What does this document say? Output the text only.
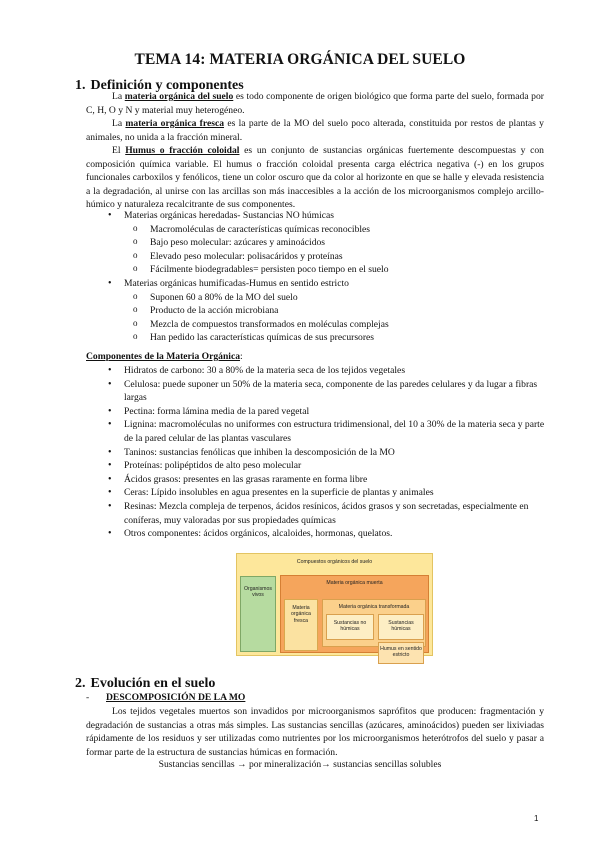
TEMA 14: MATERIA ORGÁNICA DEL SUELO
1. Definición y componentes

La materia orgánica del suelo es todo componente de origen biológico que forma parte del suelo, formada por C, H, O y N y material muy heterogéneo.

La materia orgánica fresca es la parte de la MO del suelo poco alterada, constituida por restos de plantas y animales, no unida a la fracción mineral.

El Humus o fracción coloidal es un conjunto de sustancias orgánicas fuertemente descompuestas y con composición química variable. El humus o fracción coloidal presenta carga eléctrica negativa (-) en los grupos funcionales carboxilos y fenólicos, tiene un color oscuro que da color al horizonte en que se halle y elevada resistencia a la degradación, al unirse con las arcillas son más inaccesibles a la acción de los microorganismos complejo arcillo-húmico y naturaleza recalcitrante de sus componentes.

• Materias orgánicas heredadas- Sustancias NO húmicas
o Macromoléculas de características químicas reconocibles
o Bajo peso molecular: azúcares y aminoácidos
o Elevado peso molecular: polisacáridos y proteínas
o Fácilmente biodegradables= persisten poco tiempo en el suelo
• Materias orgánicas humificadas-Humus en sentido estricto
o Suponen 60 a 80% de la MO del suelo
o Producto de la acción microbiana
o Mezcla de compuestos transformados en moléculas complejas
o Han pedido las características químicas de sus precursores
Componentes de la Materia Orgánica:
• Hidratos de carbono: 30 a 80% de la materia seca de los tejidos vegetales
• Celulosa: puede suponer un 50% de la materia seca, componente de las paredes celulares y da lugar a fibras largas
• Pectina: forma lámina media de la pared vegetal
• Lignina: macromoléculas no uniformes con estructura tridimensional, del 10 a 30% de la materia seca y parte de la pared celular de las plantas vasculares
• Taninos: sustancias fenólicas que inhiben la descomposición de la MO
• Proteínas: polipéptidos de alto peso molecular
• Ácidos grasos: presentes en las grasas raramente en forma libre
• Ceras: Lípido insolubles en agua presentes en la superficie de plantas y animales
• Resinas: Mezcla compleja de terpenos, ácidos resínicos, ácidos grasos y son secretadas, especialmente en coníferas, muy valoradas por sus propiedades químicas
• Otros componentes: ácidos orgánicos, alcaloides, hormonas, quelatos.
Compuestos orgánicos del suelo
Organismos vivos
Materia orgánica muerta
Materia orgánica fresca
Materia orgánica transformada
Sustancias no húmicas
Sustancias húmicas
Humus en sentido estricto
2. Evolución en el suelo
- DESCOMPOSICIÓN DE LA MO

Los tejidos vegetales muertos son invadidos por microorganismos saprófitos que producen: fragmentación y degradación de sustancias a otras más simples. Las sustancias sencillas (azúcares, aminoácidos) pueden ser lixiviadas rápidamente de los residuos y ser utilizadas como nutrientes por los microorganismos heterótrofos del suelo y pasar a formar parte de la estructura de sustancias húmicas en formación.

Sustancias sencillas → por mineralización→ sustancias sencillas solubles
1
